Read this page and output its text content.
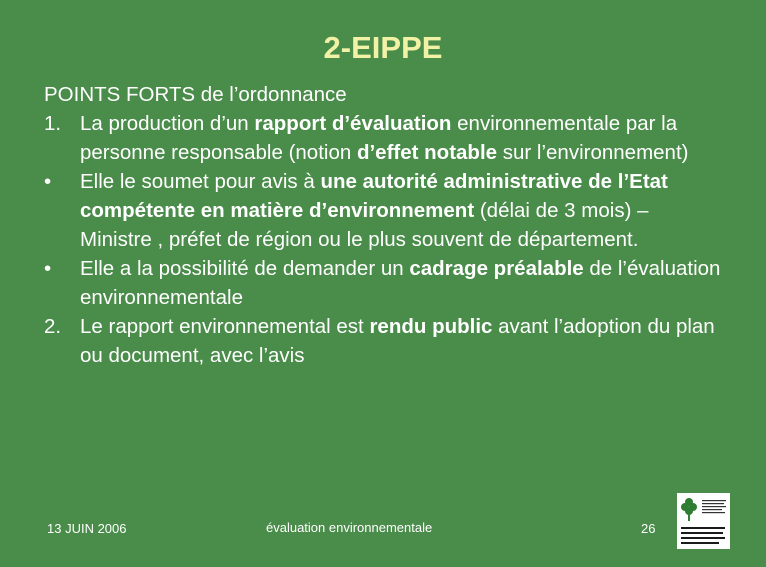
2-EIPPE
POINTS FORTS de l’ordonnance
1. La production d’un rapport d’évaluation environnementale par la personne responsable (notion d’effet notable sur l’environnement)
•	Elle le soumet pour avis à une autorité administrative de l’Etat compétente en matière d’environnement (délai de 3 mois) – Ministre , préfet de région ou le plus souvent de département.
•	Elle a la possibilité de demander un cadrage préalable de l’évaluation environnementale
2. Le rapport environnemental est rendu public avant l’adoption du plan ou document, avec l’avis
13 JUIN 2006	évaluation environnementale	26
